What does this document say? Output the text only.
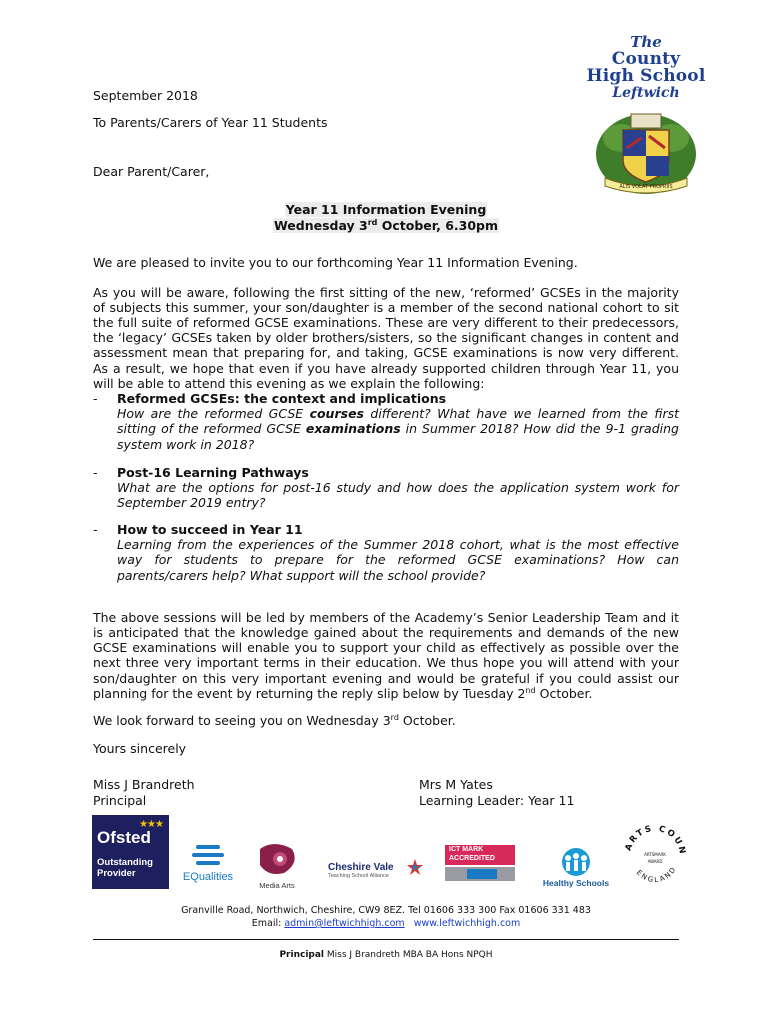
The
County
High School
Leftwich
ALIS VOLAT PROPRIIS
September 2018
To Parents/Carers of Year 11 Students
Dear Parent/Carer,
Year 11 Information Evening
Wednesday 3rd October, 6.30pm

We are pleased to invite you to our forthcoming Year 11 Information Evening.

As you will be aware, following the first sitting of the new, ‘reformed’ GCSEs in the majority of subjects this summer, your son/daughter is a member of the second national cohort to sit the full suite of reformed GCSE examinations. These are very different to their predecessors, the ‘legacy’ GCSEs taken by older brothers/sisters, so the significant changes in content and assessment mean that preparing for, and taking, GCSE examinations is now very different. As a result, we hope that even if you have already supported children through Year 11, you will be able to attend this evening as we explain the following:

- Reformed GCSEs: the context and implications
How are the reformed GCSE courses different? What have we learned from the first sitting of the reformed GCSE examinations in Summer 2018? How did the 9-1 grading system work in 2018?
- Post-16 Learning Pathways
What are the options for post-16 study and how does the application system work for September 2019 entry?
- How to succeed in Year 11
Learning from the experiences of the Summer 2018 cohort, what is the most effective way for students to prepare for the reformed GCSE examinations? How can parents/carers help? What support will the school provide?

The above sessions will be led by members of the Academy’s Senior Leadership Team and it is anticipated that the knowledge gained about the requirements and demands of the new GCSE examinations will enable you to support your child as effectively as possible over the next three very important terms in their education. We thus hope you will attend with your son/daughter on this very important evening and would be grateful if you could assist our planning for the event by returning the reply slip below by Tuesday 2nd October.

We look forward to seeing you on Wednesday 3rd October.

Yours sincerely

Miss J Brandreth
Principal
Mrs M Yates
Learning Leader: Year 11
★★★
Ofsted
Outstanding
Provider	EQualities
Media Arts
Cheshire Vale
Teaching School Alliance
ICT MARK
ACCREDITED
Healthy Schools
ARTS COUN
ENGLAND
ARTSMARK
AWARD
Granville Road, Northwich, Cheshire, CW9 8EZ. Tel 01606 333 300 Fax 01606 331 483
Email: admin@leftwichhigh.com www.leftwichhigh.com
Principal Miss J Brandreth MBA BA Hons NPQH
